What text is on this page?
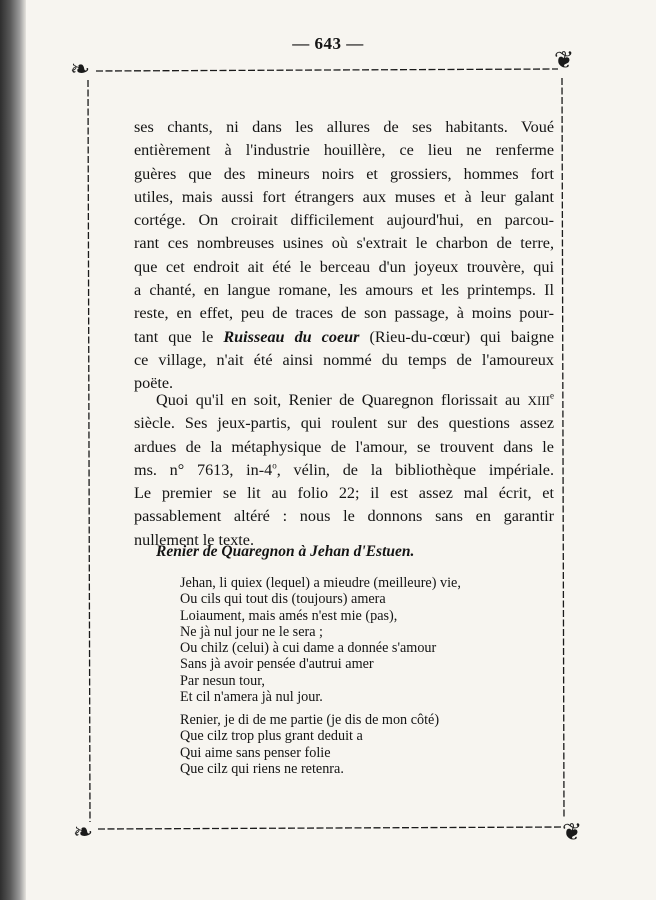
— 643 —
❧	❦
❧	❦
ses chants, ni dans les allures de ses habitants. Voué
entièrement à l'industrie houillère, ce lieu ne renferme
guères que des mineurs noirs et grossiers, hommes fort
utiles, mais aussi fort étrangers aux muses et à leur galant
cortége. On croirait difficilement aujourd'hui, en parcou-
rant ces nombreuses usines où s'extrait le charbon de terre,
que cet endroit ait été le berceau d'un joyeux trouvère, qui
a chanté, en langue romane, les amours et les printemps. Il
reste, en effet, peu de traces de son passage, à moins pour-
tant que le Ruisseau du coeur (Rieu-du-cœur) qui baigne
ce village, n'ait été ainsi nommé du temps de l'amoureux
poëte.
Quoi qu'il en soit, Renier de Quaregnon florissait au XIIIe
siècle. Ses jeux-partis, qui roulent sur des questions assez
ardues de la métaphysique de l'amour, se trouvent dans le
ms. n° 7613, in-4$^o$, vélin, de la bibliothèque impériale.
Le premier se lit au folio 22; il est assez mal écrit, et
passablement altéré : nous le donnons sans en garantir
nullement le texte.

Renier de Quaregnon à Jehan d'Estuen.

Jehan, li quiex (lequel) a mieudre (meilleure) vie,
Ou cils qui tout dis (toujours) amera
Loiaument, mais amés n'est mie (pas),
Ne jà nul jour ne le sera ;
Ou chilz (celui) à cui dame a donnée s'amour
Sans jà avoir pensée d'autrui amer
Par nesun tour,
Et cil n'amera jà nul jour.
Renier, je di de me partie (je dis de mon côté)
Que cilz trop plus grant deduit a
Qui aime sans penser folie
Que cilz qui riens ne retenra.
